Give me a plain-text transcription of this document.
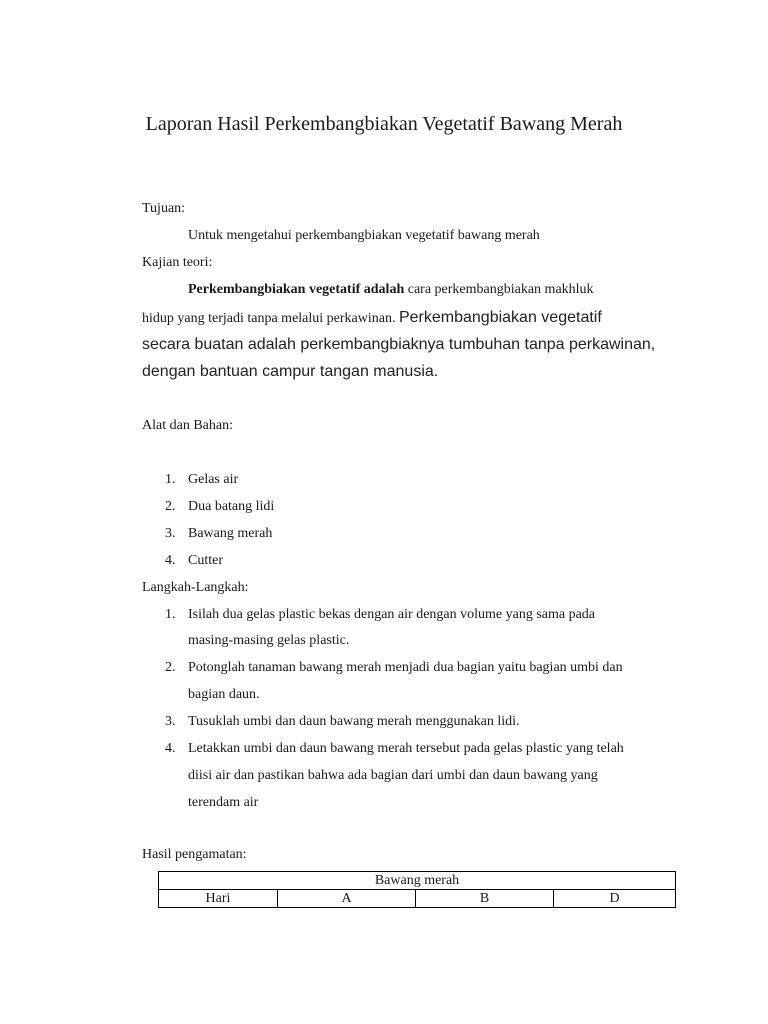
Laporan Hasil Perkembangbiakan Vegetatif Bawang Merah
Tujuan:
Untuk mengetahui perkembangbiakan vegetatif bawang merah
Kajian teori:
Perkembangbiakan vegetatif adalah cara perkembangbiakan makhluk
hidup yang terjadi tanpa melalui perkawinan. Perkembangbiakan vegetatif
secara buatan adalah perkembangbiaknya tumbuhan tanpa perkawinan,
dengan bantuan campur tangan manusia.
Alat dan Bahan:
1. Gelas air
2. Dua batang lidi
3. Bawang merah
4. Cutter
Langkah-Langkah:
1. Isilah dua gelas plastic bekas dengan air dengan volume yang sama pada
masing-masing gelas plastic.
2. Potonglah tanaman bawang merah menjadi dua bagian yaitu bagian umbi dan
bagian daun.
3. Tusuklah umbi dan daun bawang merah menggunakan lidi.
4. Letakkan umbi dan daun bawang merah tersebut pada gelas plastic yang telah
diisi air dan pastikan bahwa ada bagian dari umbi dan daun bawang yang
terendam air
Hasil pengamatan:
Bawang merah
Hari	A	B	D
